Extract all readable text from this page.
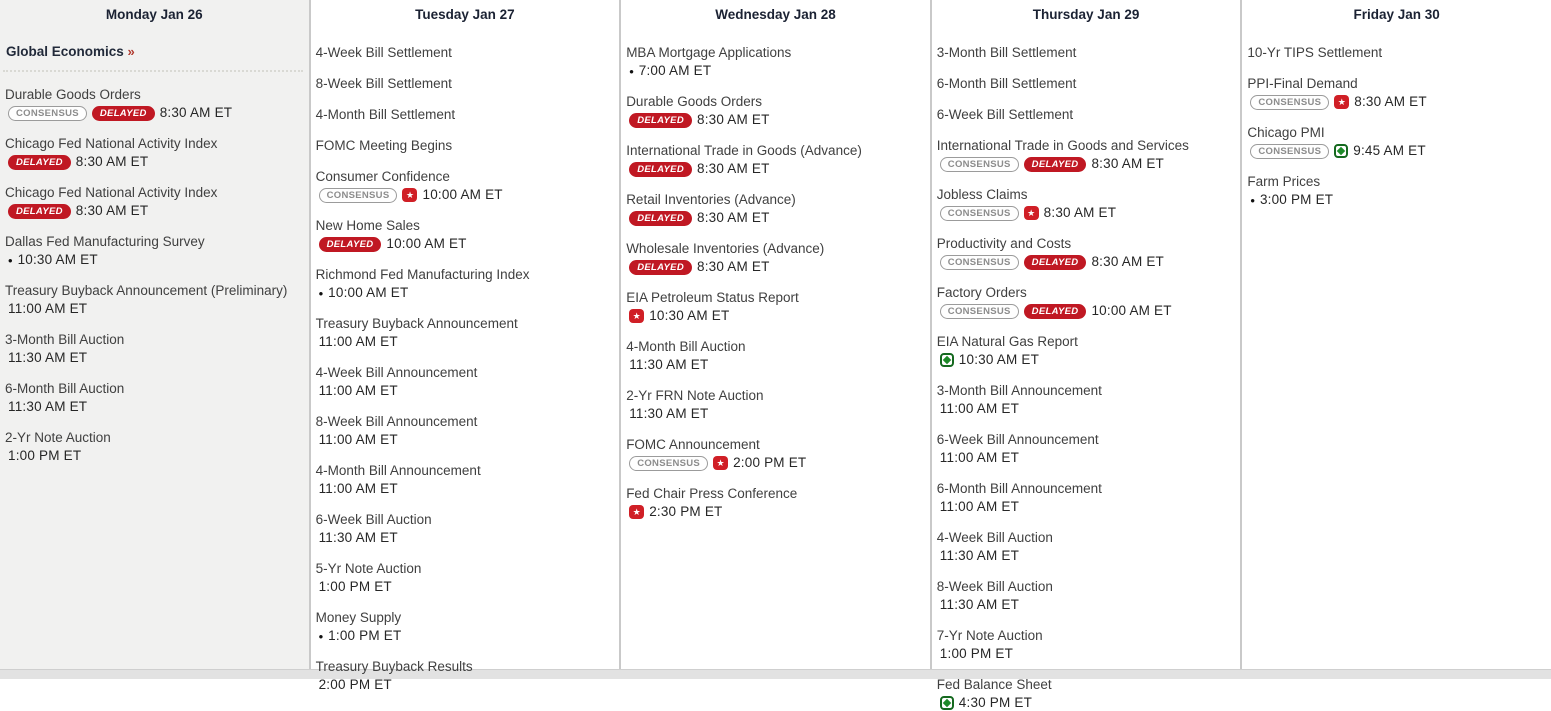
Monday Jan 26
Global Economics »
Durable Goods Orders
CONSENSUS	DELAYED 8:30 AM ET
Chicago Fed National Activity Index
DELAYED 8:30 AM ET
Chicago Fed National Activity Index
DELAYED 8:30 AM ET
Dallas Fed Manufacturing Survey
• 10:30 AM ET
Treasury Buyback Announcement (Preliminary)
11:00 AM ET
3-Month Bill Auction
11:30 AM ET
6-Month Bill Auction
11:30 AM ET
2-Yr Note Auction
1:00 PM ET
Tuesday Jan 27
4-Week Bill Settlement
8-Week Bill Settlement
4-Month Bill Settlement
FOMC Meeting Begins
Consumer Confidence
CONSENSUS	★ 10:00 AM ET
New Home Sales
DELAYED 10:00 AM ET
Richmond Fed Manufacturing Index
• 10:00 AM ET
Treasury Buyback Announcement
11:00 AM ET
4-Week Bill Announcement
11:00 AM ET
8-Week Bill Announcement
11:00 AM ET
4-Month Bill Announcement
11:00 AM ET
6-Week Bill Auction
11:30 AM ET
5-Yr Note Auction
1:00 PM ET
Money Supply
• 1:00 PM ET
Treasury Buyback Results
2:00 PM ET
Wednesday Jan 28
MBA Mortgage Applications
• 7:00 AM ET
Durable Goods Orders
DELAYED 8:30 AM ET
International Trade in Goods (Advance)
DELAYED 8:30 AM ET
Retail Inventories (Advance)
DELAYED 8:30 AM ET
Wholesale Inventories (Advance)
DELAYED 8:30 AM ET
EIA Petroleum Status Report
★ 10:30 AM ET
4-Month Bill Auction
11:30 AM ET
2-Yr FRN Note Auction
11:30 AM ET
FOMC Announcement
CONSENSUS	★ 2:00 PM ET
Fed Chair Press Conference
★ 2:30 PM ET
Thursday Jan 29
3-Month Bill Settlement
6-Month Bill Settlement
6-Week Bill Settlement
International Trade in Goods and Services
CONSENSUS	DELAYED 8:30 AM ET
Jobless Claims
CONSENSUS	★ 8:30 AM ET
Productivity and Costs
CONSENSUS	DELAYED 8:30 AM ET
Factory Orders
CONSENSUS	DELAYED 10:00 AM ET
EIA Natural Gas Report
10:30 AM ET
3-Month Bill Announcement
11:00 AM ET
6-Week Bill Announcement
11:00 AM ET
6-Month Bill Announcement
11:00 AM ET
4-Week Bill Auction
11:30 AM ET
8-Week Bill Auction
11:30 AM ET
7-Yr Note Auction
1:00 PM ET
Fed Balance Sheet
4:30 PM ET
Friday Jan 30
10-Yr TIPS Settlement
PPI-Final Demand
CONSENSUS	★ 8:30 AM ET
Chicago PMI
CONSENSUS	9:45 AM ET
Farm Prices
• 3:00 PM ET
